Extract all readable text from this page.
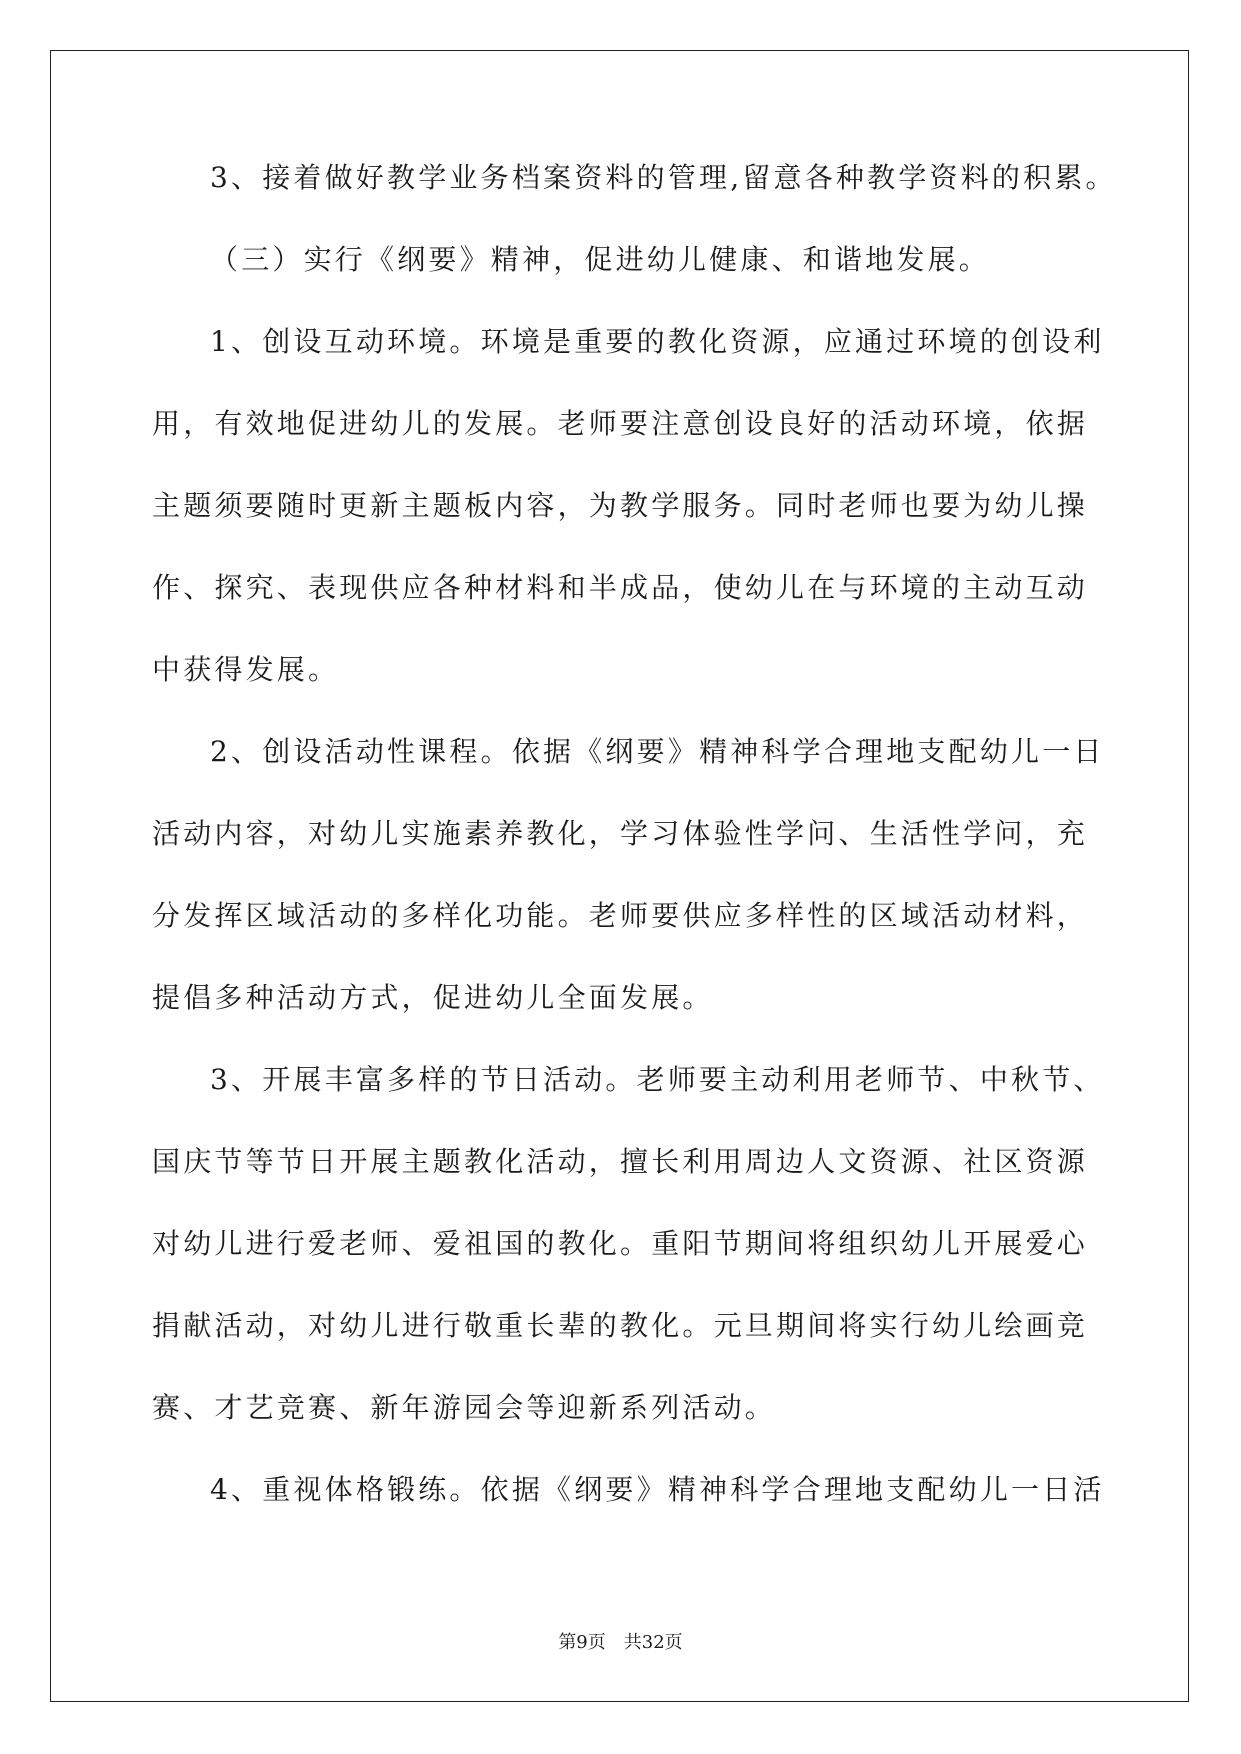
3、接着做好教学业务档案资料的管理,留意各种教学资料的积累。
（三）实行《纲要》精神，促进幼儿健康、和谐地发展。
1、创设互动环境。环境是重要的教化资源，应通过环境的创设利
用，有效地促进幼儿的发展。老师要注意创设良好的活动环境，依据
主题须要随时更新主题板内容，为教学服务。同时老师也要为幼儿操
作、探究、表现供应各种材料和半成品，使幼儿在与环境的主动互动
中获得发展。
2、创设活动性课程。依据《纲要》精神科学合理地支配幼儿一日
活动内容，对幼儿实施素养教化，学习体验性学问、生活性学问，充
分发挥区域活动的多样化功能。老师要供应多样性的区域活动材料，
提倡多种活动方式，促进幼儿全面发展。
3、开展丰富多样的节日活动。老师要主动利用老师节、中秋节、
国庆节等节日开展主题教化活动，擅长利用周边人文资源、社区资源
对幼儿进行爱老师、爱祖国的教化。重阳节期间将组织幼儿开展爱心
捐献活动，对幼儿进行敬重长辈的教化。元旦期间将实行幼儿绘画竞
赛、才艺竞赛、新年游园会等迎新系列活动。
4、重视体格锻练。依据《纲要》精神科学合理地支配幼儿一日活
第9页　共32页
